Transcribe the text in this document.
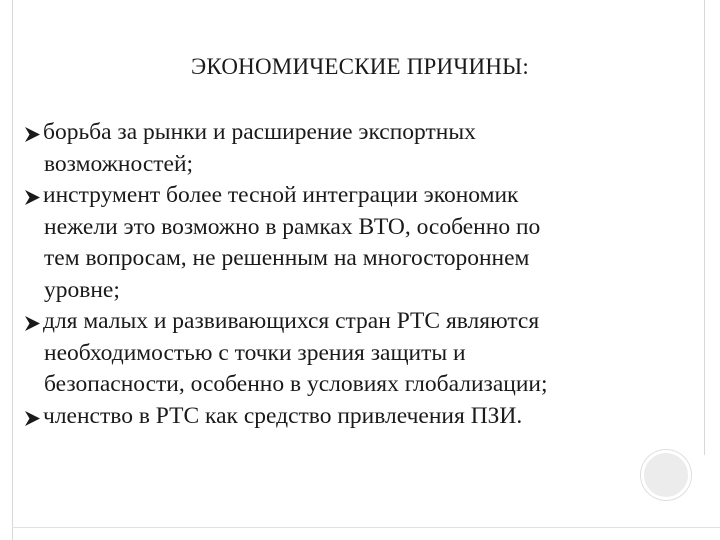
ЭКОНОМИЧЕСКИЕ ПРИЧИНЫ:
борьба за рынки и расширение экспортных
возможностей;
инструмент более тесной интеграции экономик
нежели это возможно в рамках ВТО, особенно по
тем вопросам, не решенным на многостороннем
уровне;
для малых и развивающихся стран РТС являются
необходимостью с точки зрения защиты и
безопасности, особенно в условиях глобализации;
членство в РТС как средство привлечения ПЗИ.
